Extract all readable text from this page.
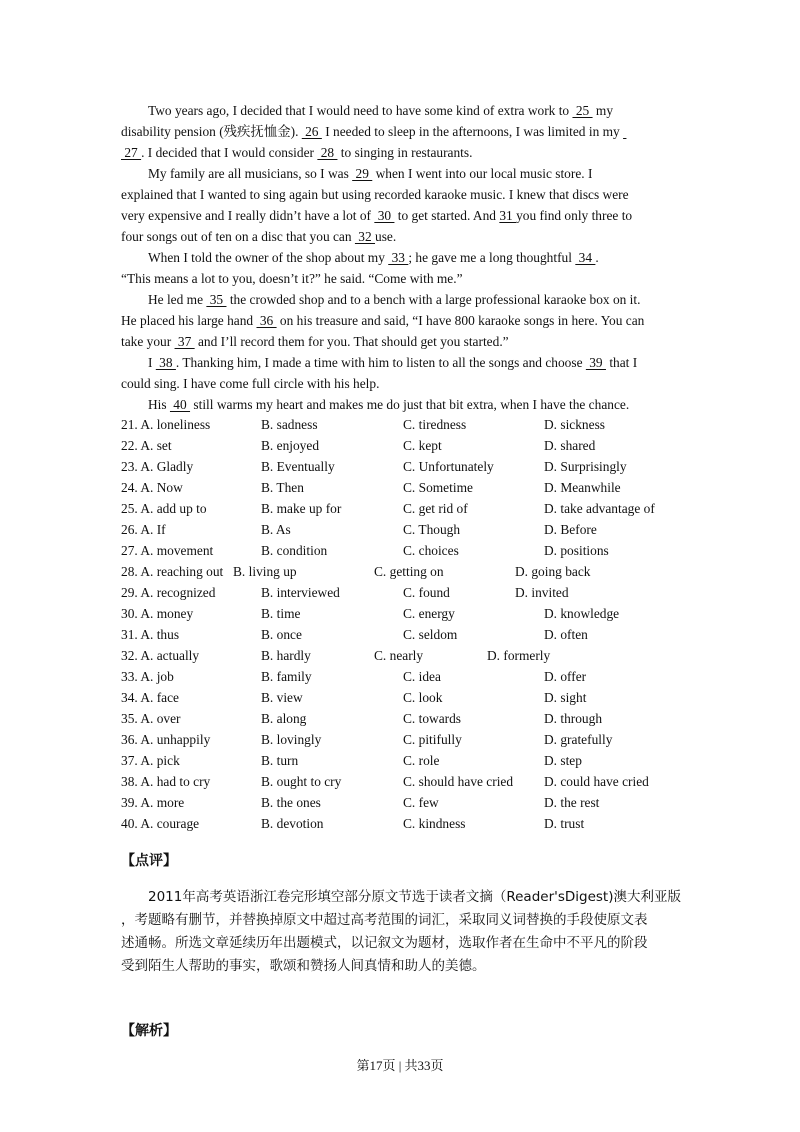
Two years ago, I decided that I would need to have some kind of extra work to  25  my
disability pension (残疾抚恤金).  26  I needed to sleep in the afternoons, I was limited in my
27 . I decided that I would consider  28  to singing in restaurants.
My family are all musicians, so I was  29  when I went into our local music store. I
explained that I wanted to sing again but using recorded karaoke music. I knew that discs were
very expensive and I really didn’t have a lot of  30  to get started. And 31 you find only three to
four songs out of ten on a disc that you can  32 use.
When I told the owner of the shop about my  33 ; he gave me a long thoughtful  34 .
“This means a lot to you, doesn’t it?” he said. “Come with me.”
He led me  35  the crowded shop and to a bench with a large professional karaoke box on it.
He placed his large hand  36  on his treasure and said, “I have 800 karaoke songs in here. You can
take your  37  and I’ll record them for you. That should get you started.”
I  38 . Thanking him, I made a time with him to listen to all the songs and choose  39  that I
could sing. I have come full circle with his help.
His  40  still warms my heart and makes me do just that bit extra, when I have the chance.
21. A. loneliness	B. sadness	C. tiredness	D. sickness
22. A. set	B. enjoyed	C. kept	D. shared
23. A. Gladly	B. Eventually	C. Unfortunately	D. Surprisingly
24. A. Now	B. Then	C. Sometime	D. Meanwhile
25. A. add up to	B. make up for	C. get rid of	D. take advantage of
26. A. If	B. As	C. Though	D. Before
27. A. movement	B. condition	C. choices	D. positions
28. A. reaching out B. living up	C. getting on	D. going back
29. A. recognized	B. interviewed	C. found	D. invited
30. A. money	B. time	C. energy	D. knowledge
31. A. thus	B. once	C. seldom	D. often
32. A. actually	B. hardly	C. nearly	D. formerly
33. A. job	B. family	C. idea	D. offer
34. A. face	B. view	C. look	D. sight
35. A. over	B. along	C. towards	D. through
36. A. unhappily	B. lovingly	C. pitifully	D. gratefully
37. A. pick	B. turn	C. role	D. step
38. A. had to cry	B. ought to cry	C. should have cried D. could have cried
39. A. more	B. the ones	C. few	D. the rest
40. A. courage	B. devotion	C. kindness	D. trust
【点评】
2011年高考英语浙江卷完形填空部分原文节选于读者文摘（Reader'sDigest)澳大利亚版
，考题略有删节，并替换掉原文中超过高考范围的词汇，采取同义词替换的手段使原文表
述通畅。所选文章延续历年出题模式，以记叙文为题材，选取作者在生命中不平凡的阶段
受到陌生人帮助的事实，歌颂和赞扬人间真情和助人的美德。
【解析】
第17页 | 共33页
